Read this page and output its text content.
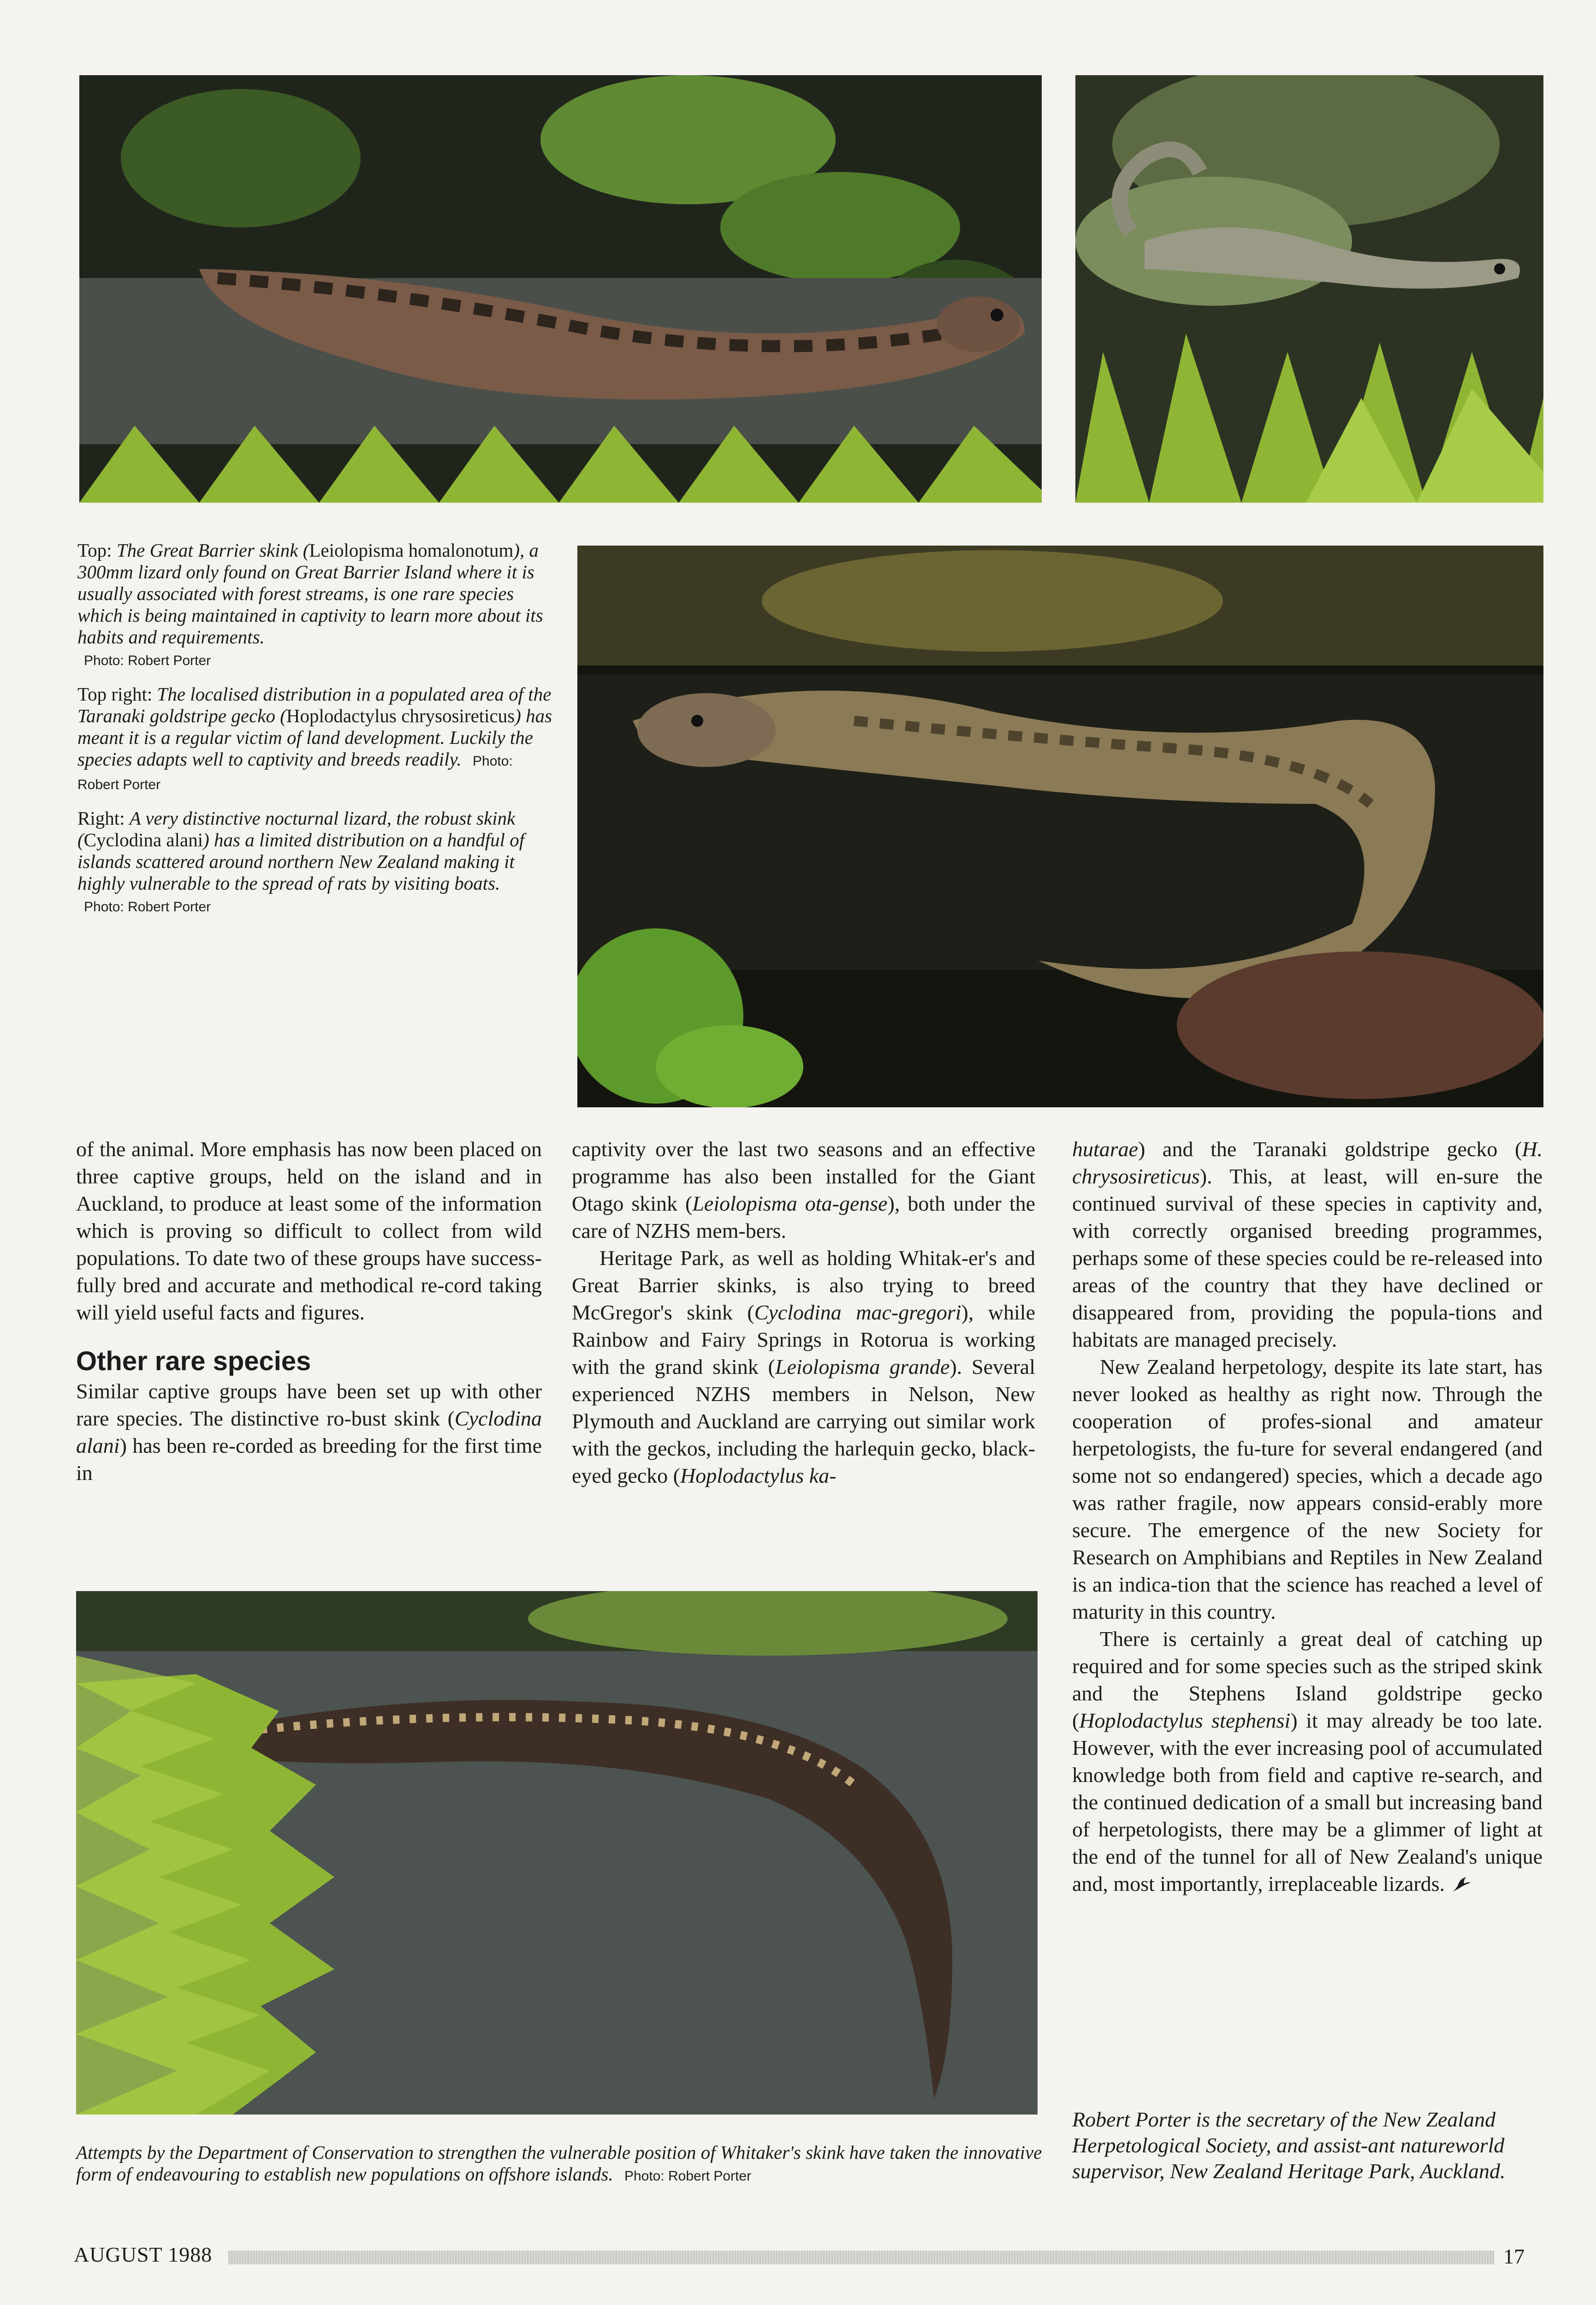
Top: The Great Barrier skink (Leiolopisma homalonotum), a 300mm lizard only found on Great Barrier Island where it is usually associated with forest streams, is one rare species which is being maintained in captivity to learn more about its habits and requirements.
Photo: Robert Porter

Top right: The localised distribution in a populated area of the Taranaki goldstripe gecko (Hoplodactylus chrysosireticus) has meant it is a regular victim of land development. Luckily the species adapts well to captivity and breeds readily. Photo: Robert Porter

Right: A very distinctive nocturnal lizard, the robust skink (Cyclodina alani) has a limited distribution on a handful of islands scattered around northern New Zealand making it highly vulnerable to the spread of rats by visiting boats.
Photo: Robert Porter

of the animal. More emphasis has now been placed on three captive groups, held on the island and in Auckland, to produce at least some of the information which is proving so difficult to collect from wild populations. To date two of these groups have success-fully bred and accurate and methodical re-cord taking will yield useful facts and figures.

Other rare species

Similar captive groups have been set up with other rare species. The distinctive ro-bust skink (Cyclodina alani) has been re-corded as breeding for the first time in

captivity over the last two seasons and an effective programme has also been installed for the Giant Otago skink (Leiolopisma ota-gense), both under the care of NZHS mem-bers.

Heritage Park, as well as holding Whitak-er's and Great Barrier skinks, is also trying to breed McGregor's skink (Cyclodina mac-gregori), while Rainbow and Fairy Springs in Rotorua is working with the grand skink (Leiolopisma grande). Several experienced NZHS members in Nelson, New Plymouth and Auckland are carrying out similar work with the geckos, including the harlequin gecko, black-eyed gecko (Hoplodactylus ka-

hutarae) and the Taranaki goldstripe gecko (H. chrysosireticus). This, at least, will en-sure the continued survival of these species in captivity and, with correctly organised breeding programmes, perhaps some of these species could be re-released into areas of the country that they have declined or disappeared from, providing the popula-tions and habitats are managed precisely.

New Zealand herpetology, despite its late start, has never looked as healthy as right now. Through the cooperation of profes-sional and amateur herpetologists, the fu-ture for several endangered (and some not so endangered) species, which a decade ago was rather fragile, now appears consid-erably more secure. The emergence of the new Society for Research on Amphibians and Reptiles in New Zealand is an indica-tion that the science has reached a level of maturity in this country.

There is certainly a great deal of catching up required and for some species such as the striped skink and the Stephens Island goldstripe gecko (Hoplodactylus stephensi) it may already be too late. However, with the ever increasing pool of accumulated knowledge both from field and captive re-search, and the continued dedication of a small but increasing band of herpetologists, there may be a glimmer of light at the end of the tunnel for all of New Zealand's unique and, most importantly, irreplaceable lizards.

Robert Porter is the secretary of the New Zealand Herpetological Society, and assist-ant natureworld supervisor, New Zealand Heritage Park, Auckland.
Attempts by the Department of Conservation to strengthen the vulnerable position of Whitaker's skink have taken the innovative form of endeavouring to establish new populations on offshore islands. Photo: Robert Porter
AUGUST 1988	17
